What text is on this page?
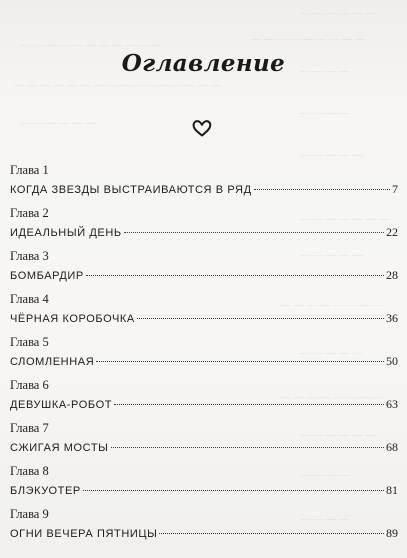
— — — — — —
— — — — — — — — —
— — — — — — — — — — —
— — — —
— — — — — — — — — — — — — — — —
— — — —
— — — — — —
— — — — —
— — — — — — —
— — — — —
— — — — — — — —
— — — — —
— — — — — — — —
— — — — — —
— — — —
— — — —
Оглавление
Глава 1
КОГДА ЗВЕЗДЫ ВЫСТРАИВАЮТСЯ В РЯД	7
Глава 2
ИДЕАЛЬНЫЙ ДЕНЬ	22
Глава 3
БОМБАРДИР	28
Глава 4
ЧЁРНАЯ КОРОБОЧКА	36
Глава 5
СЛОМЛЕННАЯ	50
Глава 6
ДЕВУШКА-РОБОТ	63
Глава 7
СЖИГАЯ МОСТЫ	68
Глава 8
БЛЭКУОТЕР	81
Глава 9
ОГНИ ВЕЧЕРА ПЯТНИЦЫ	89
